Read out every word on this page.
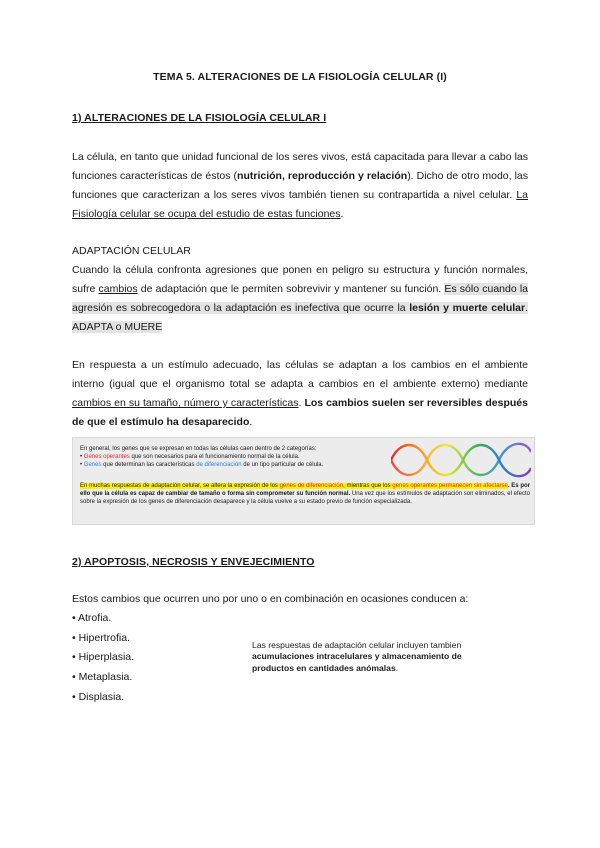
TEMA 5. ALTERACIONES DE LA FISIOLOGÍA CELULAR (I)
1) ALTERACIONES DE LA FISIOLOGÍA CELULAR I
La célula, en tanto que unidad funcional de los seres vivos, está capacitada para llevar a cabo las funciones características de éstos (nutrición, reproducción y relación). Dicho de otro modo, las funciones que caracterizan a los seres vivos también tienen su contrapartida a nivel celular. La Fisiología celular se ocupa del estudio de estas funciones.
ADAPTACIÓN CELULAR
Cuando la célula confronta agresiones que ponen en peligro su estructura y función normales, sufre cambios de adaptación que le permiten sobrevivir y mantener su función. Es sólo cuando la agresión es sobrecogedora o la adaptación es inefectiva que ocurre la lesión y muerte celular. ADAPTA o MUERE
En respuesta a un estímulo adecuado, las células se adaptan a los cambios en el ambiente interno (igual que el organismo total se adapta a cambios en el ambiente externo) mediante cambios en su tamaño, número y características. Los cambios suelen ser reversibles después de que el estímulo ha desaparecido.
En general, los genes que se expresan en todas las células caen dentro de 2 categorías:
• Genes operantes que son necesarios para el funcionamiento normal de la célula.
• Genes que determinan las características de diferenciación de un tipo particular de célula.
En muchas respuestas de adaptación celular, se altera la expresión de los genes de diferenciación, mientras que los genes operantes permanecen sin afectarse. Es por ello que la célula es capaz de cambiar de tamaño o forma sin comprometer su función normal. Una vez que los estímulos de adaptación son eliminados, el efecto sobre la expresión de los genes de diferenciación desaparece y la célula vuelve a su estado previo de función especializada.
2) APOPTOSIS, NECROSIS Y ENVEJECIMIENTO
Estos cambios que ocurren uno por uno o en combinación en ocasiones conducen a:
• Atrofia.
• Hipertrofia.
• Hiperplasia.
• Metaplasia.
• Displasia.
Las respuestas de adaptación celular incluyen tambien acumulaciones intracelulares y almacenamiento de productos en cantidades anómalas.
